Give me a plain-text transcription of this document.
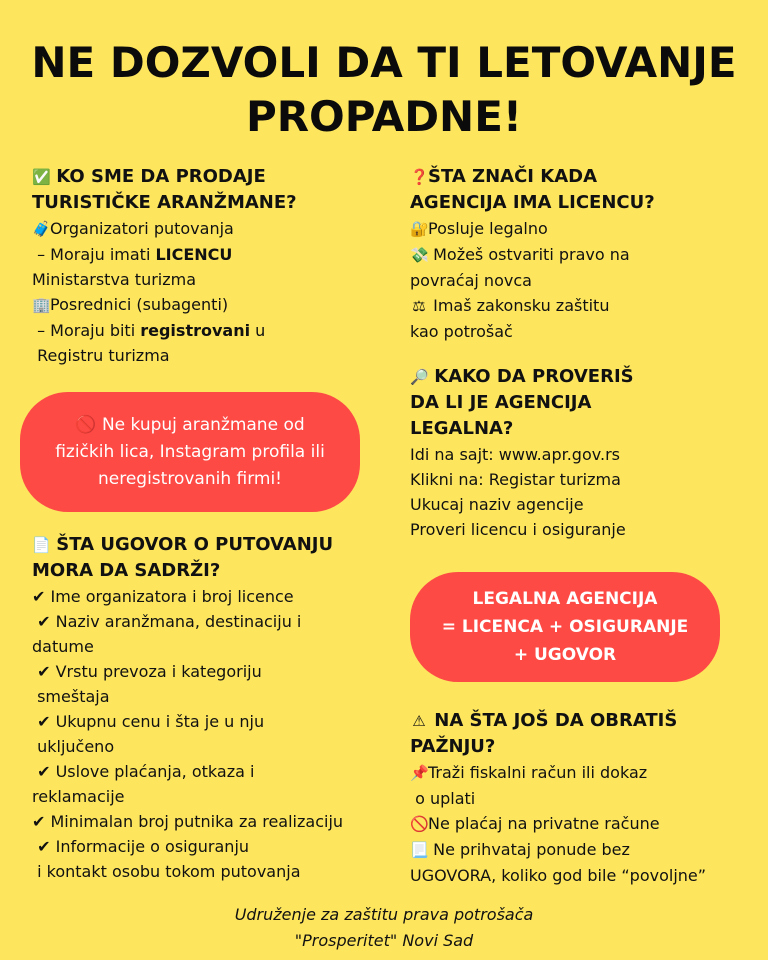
NE DOZVOLI DA TI LETOVANJE
PROPADNE!
✅ KO SME DA PRODAJE
TURISTIČKE ARANŽMANE?
🧳Organizatori putovanja
– Moraju imati LICENCU
Ministarstva turizma
🏢Posrednici (subagenti)
– Moraju biti registrovani u
Registru turizma
❓ŠTA ZNAČI KADA
AGENCIJA IMA LICENCU?
🔐Posluje legalno
💸 Možeš ostvariti pravo na
povraćaj novca
⚖ Imaš zakonsku zaštitu
kao potrošač
🔎 KAKO DA PROVERIŠ
DA LI JE AGENCIJA
LEGALNA?
Idi na sajt: www.apr.gov.rs
Klikni na: Registar turizma
Ukucaj naziv agencije
Proveri licencu i osiguranje
🚫 Ne kupuj aranžmane od
fizičkih lica, Instagram profila ili
neregistrovanih firmi!
📄 ŠTA UGOVOR O PUTOVANJU
MORA DA SADRŽI?
✔ Ime organizatora i broj licence
✔ Naziv aranžmana, destinaciju i
datume
✔ Vrstu prevoza i kategoriju
smeštaja
✔ Ukupnu cenu i šta je u nju
uključeno
✔ Uslove plaćanja, otkaza i
reklamacije
✔ Minimalan broj putnika za realizaciju
✔ Informacije o osiguranju
i kontakt osobu tokom putovanja
LEGALNA AGENCIJA
= LICENCA + OSIGURANJE
+ UGOVOR
⚠ NA ŠTA JOŠ DA OBRATIŠ
PAŽNJU?
📌Traži fiskalni račun ili dokaz
o uplati
🚫Ne plaćaj na privatne račune
📃 Ne prihvataj ponude bez
UGOVORA, koliko god bile “povoljne”
Udruženje za zaštitu prava potrošača
"Prosperitet" Novi Sad
